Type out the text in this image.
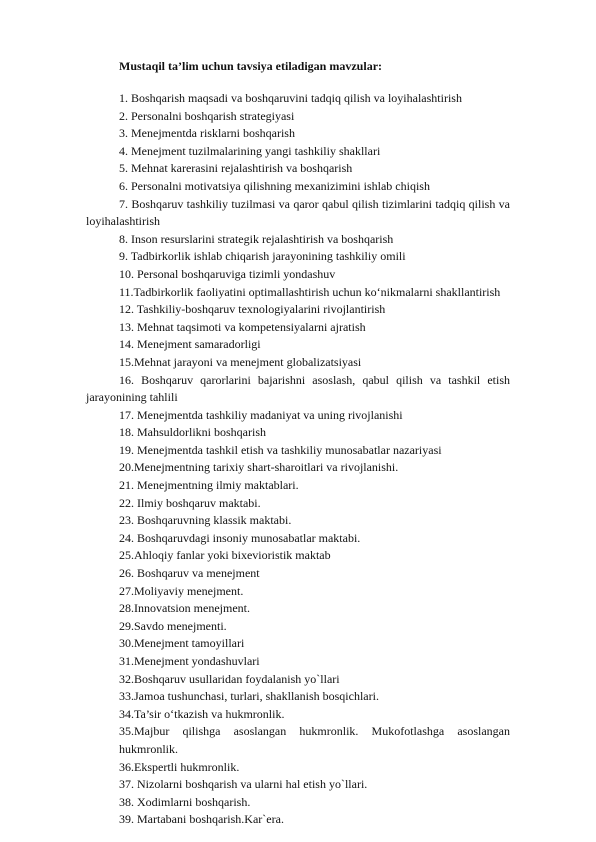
Mustaqil ta’lim uchun tavsiya etiladigan mavzular:
1. Boshqarish maqsadi va boshqaruvini tadqiq qilish va loyihalashtirish
2. Personalni boshqarish strategiyasi
3. Menejmentda risklarni boshqarish
4. Menejment tuzilmalarining yangi tashkiliy shakllari
5. Mehnat karerasini rejalashtirish va boshqarish
6. Personalni motivatsiya qilishning mexanizimini ishlab chiqish
7. Boshqaruv tashkiliy tuzilmasi va qaror qabul qilish tizimlarini tadqiq qilish va loyihalashtirish
8. Inson resurslarini strategik rejalashtirish va boshqarish
9. Tadbirkorlik ishlab chiqarish jarayonining tashkiliy omili
10. Personal boshqaruviga tizimli yondashuv
11.Tadbirkorlik faoliyatini optimallashtirish uchun ko‘nikmalarni shakllantirish
12. Tashkiliy-boshqaruv texnologiyalarini rivojlantirish
13. Mehnat taqsimoti va kompetensiyalarni ajratish
14. Menejment samaradorligi
15.Mehnat jarayoni va menejment globalizatsiyasi
16. Boshqaruv qarorlarini bajarishni asoslash, qabul qilish va tashkil etish jarayonining tahlili
17. Menejmentda tashkiliy madaniyat va uning rivojlanishi
18. Mahsuldorlikni boshqarish
19. Menejmentda tashkil etish va tashkiliy munosabatlar nazariyasi
20.Menejmentning tarixiy shart-sharoitlari va rivojlanishi.
21. Menejmentning ilmiy maktablari.
22. Ilmiy boshqaruv maktabi.
23. Boshqaruvning klassik maktabi.
24. Boshqaruvdagi insoniy munosabatlar maktabi.
25.Ahloqiy fanlar yoki bixevioristik maktab
26. Boshqaruv va menejment
27.Moliyaviy menejment.
28.Innovatsion menejment.
29.Savdo menejmenti.
30.Menejment tamoyillari
31.Menejment yondashuvlari
32.Boshqaruv usullaridan foydalanish yo`llari
33.Jamoa tushunchasi, turlari, shakllanish bosqichlari.
34.Ta’sir o‘tkazish va hukmronlik.
35.Majbur qilishga asoslangan hukmronlik. Mukofotlashga asoslangan hukmronlik.
36.Ekspertli hukmronlik.
37. Nizolarni boshqarish va ularni hal etish yo`llari.
38. Xodimlarni boshqarish.
39. Martabani boshqarish.Kar`era.
